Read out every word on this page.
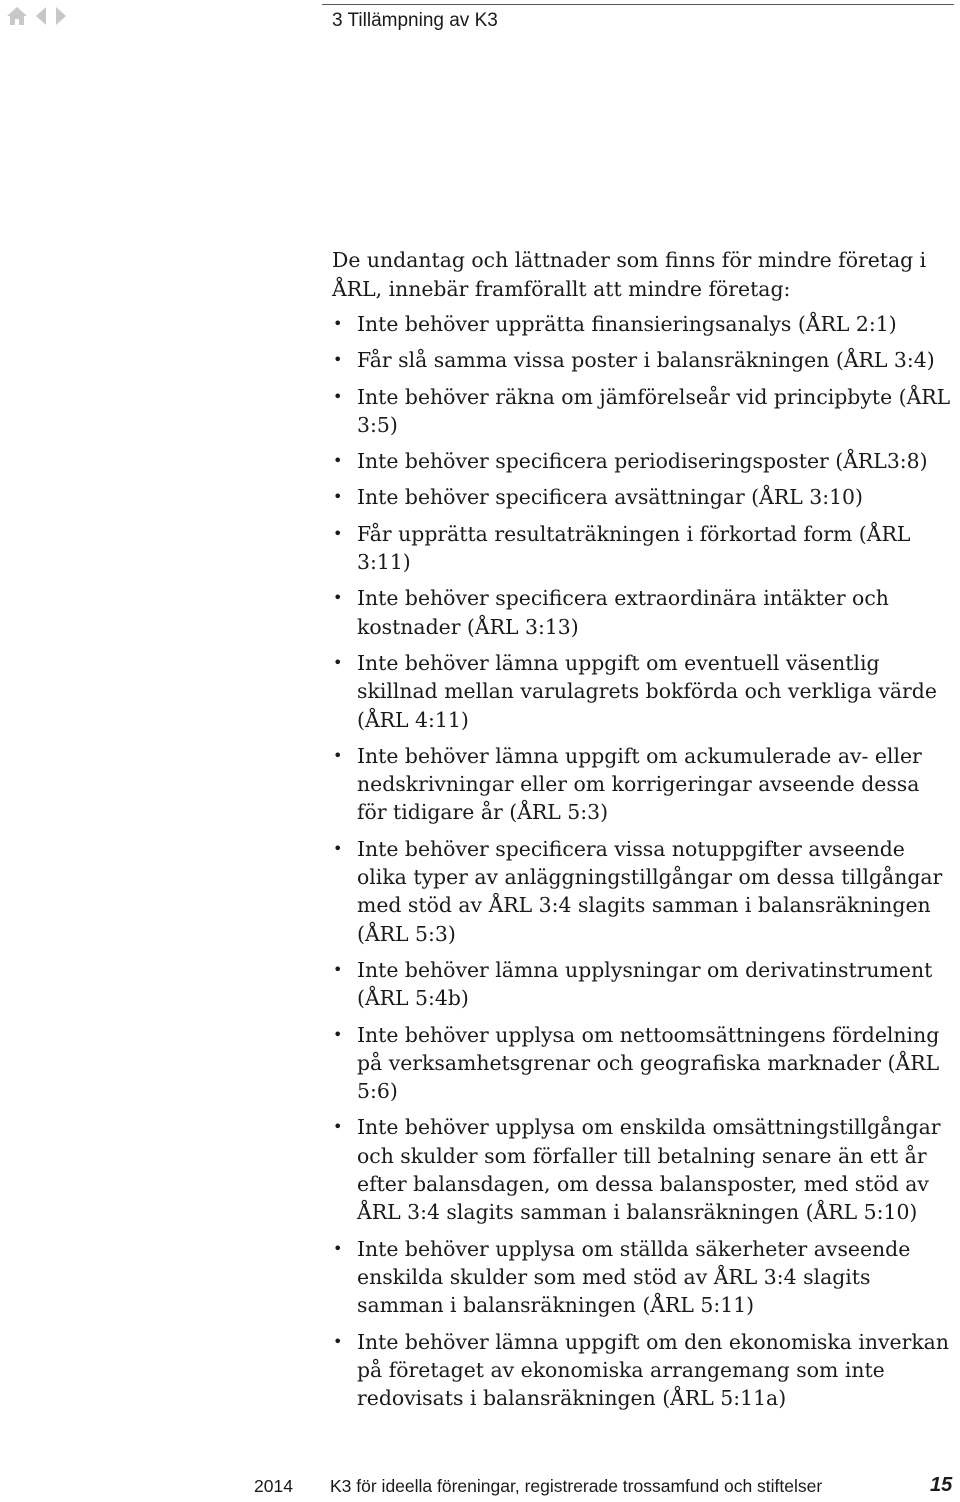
3 Tillämpning av K3

De undantag och lättnader som finns för mindre företag i ÅRL, innebär framförallt att mindre företag:

• Inte behöver upprätta finansieringsanalys (ÅRL 2:1)
• Får slå samma vissa poster i balansräkningen (ÅRL 3:4)
• Inte behöver räkna om jämförelseår vid principbyte (ÅRL 3:5)
• Inte behöver specificera periodiseringsposter (ÅRL3:8)
• Inte behöver specificera avsättningar (ÅRL 3:10)
• Får upprätta resultaträkningen i förkortad form (ÅRL 3:11)
• Inte behöver specificera extraordinära intäkter och kostnader (ÅRL 3:13)
• Inte behöver lämna uppgift om eventuell väsentlig skillnad mellan varulagrets bokförda och verkliga värde (ÅRL 4:11)
• Inte behöver lämna uppgift om ackumulerade av- eller nedskrivningar eller om korrigeringar avseende dessa för tidigare år (ÅRL 5:3)
• Inte behöver specificera vissa notuppgifter avseende olika typer av anläggningstillgångar om dessa tillgångar med stöd av ÅRL 3:4 slagits samman i balansräkningen (ÅRL 5:3)
• Inte behöver lämna upplysningar om derivatinstrument (ÅRL 5:4b)
• Inte behöver upplysa om nettoomsättningens fördelning på verksamhetsgrenar och geografiska marknader (ÅRL 5:6)
• Inte behöver upplysa om enskilda omsättningstillgångar och skulder som förfaller till betalning senare än ett år efter balansdagen, om dessa balansposter, med stöd av ÅRL 3:4 slagits samman i balansräkningen (ÅRL 5:10)
• Inte behöver upplysa om ställda säkerheter avseende enskilda skulder som med stöd av ÅRL 3:4 slagits samman i balansräkningen (ÅRL 5:11)
• Inte behöver lämna uppgift om den ekonomiska inverkan på företaget av ekonomiska arrangemang som inte redovisats i balansräkningen (ÅRL 5:11a)
2014 K3 för ideella föreningar, registrerade trossamfund och stiftelser	15
